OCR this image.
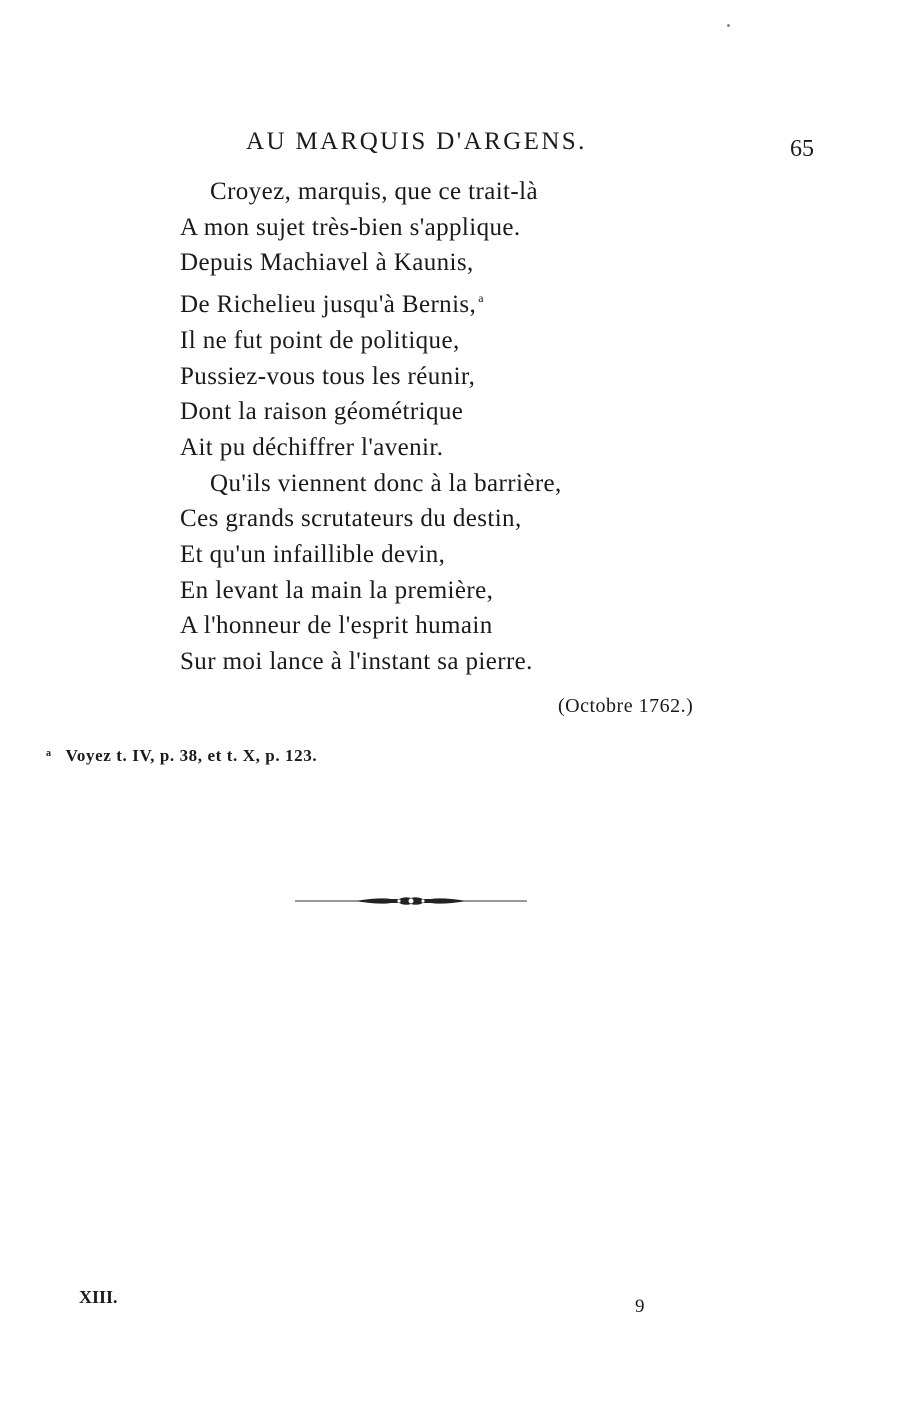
AU MARQUIS D'ARGENS.	65
Croyez, marquis, que ce trait-là
A mon sujet très-bien s'applique.
Depuis Machiavel à Kaunis,
De Richelieu jusqu'à Bernis, $^a$
Il ne fut point de politique,
Pussiez-vous tous les réunir,
Dont la raison géométrique
Ait pu déchiffrer l'avenir.
Qu'ils viennent donc à la barrière,
Ces grands scrutateurs du destin,
Et qu'un infaillible devin,
En levant la main la première,
A l'honneur de l'esprit humain
Sur moi lance à l'instant sa pierre.
(Octobre 1762.)
$^a$ Voyez t. IV, p. 38, et t. X, p. 123.
XIII.	9
